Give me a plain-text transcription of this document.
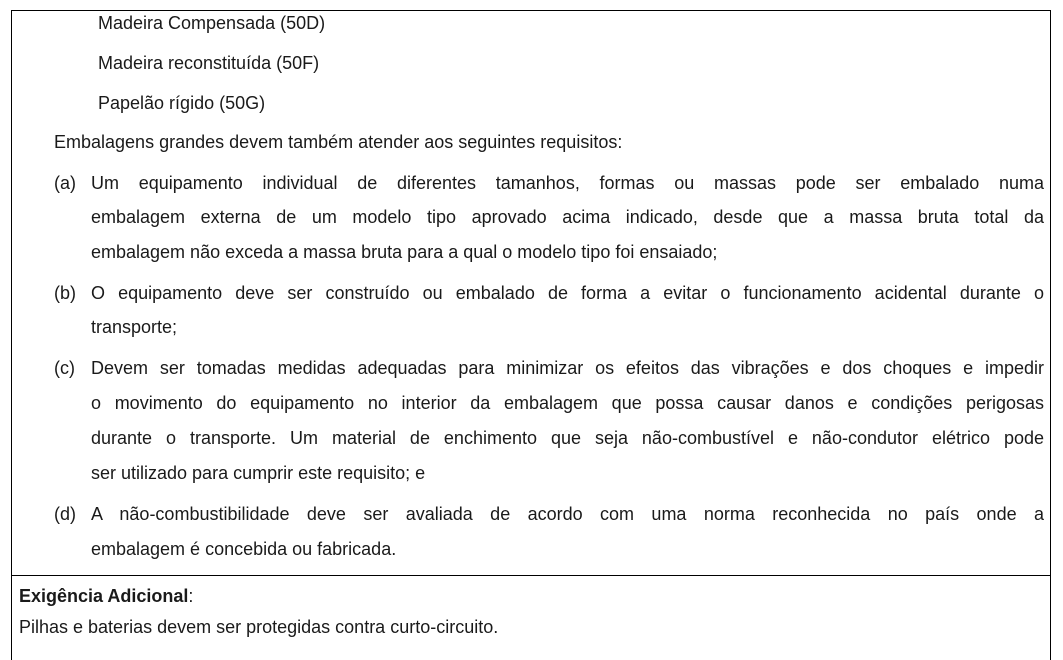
Madeira Compensada (50D)
Madeira reconstituída (50F)
Papelão rígido (50G)
Embalagens grandes devem também atender aos seguintes requisitos:
(a) Um equipamento individual de diferentes tamanhos, formas ou massas pode ser embalado numa
embalagem externa de um modelo tipo aprovado acima indicado, desde que a massa bruta total da
embalagem não exceda a massa bruta para a qual o modelo tipo foi ensaiado;
(b) O equipamento deve ser construído ou embalado de forma a evitar o funcionamento acidental durante o
transporte;
(c) Devem ser tomadas medidas adequadas para minimizar os efeitos das vibrações e dos choques e impedir
o movimento do equipamento no interior da embalagem que possa causar danos e condições perigosas
durante o transporte. Um material de enchimento que seja não-combustível e não-condutor elétrico pode
ser utilizado para cumprir este requisito; e
(d) A não-combustibilidade deve ser avaliada de acordo com uma norma reconhecida no país onde a
embalagem é concebida ou fabricada.
Exigência Adicional:
Pilhas e baterias devem ser protegidas contra curto-circuito.
